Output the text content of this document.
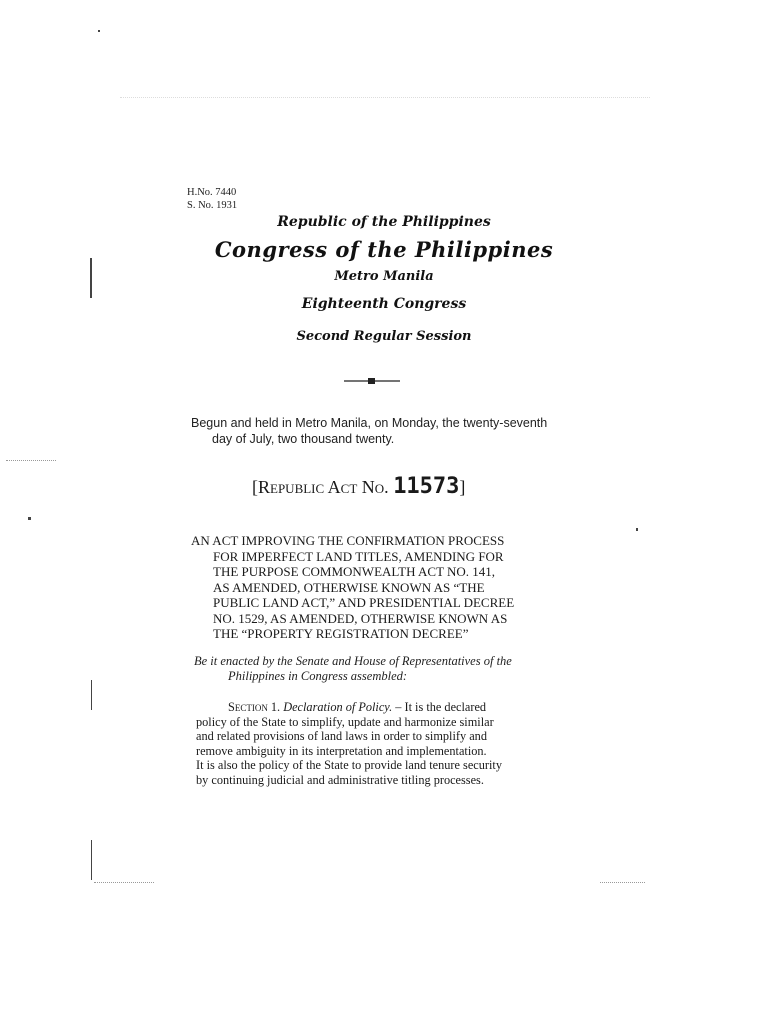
H.No. 7440
S. No. 1931
Republic of the Philippines
Congress of the Philippines
Metro Manila
Eighteenth Congress
Second Regular Session
Begun and held in Metro Manila, on Monday, the twenty-seventh
day of July, two thousand twenty.
[Republic Act No. 11573]
AN ACT IMPROVING THE CONFIRMATION PROCESS
FOR IMPERFECT LAND TITLES, AMENDING FOR
THE PURPOSE COMMONWEALTH ACT NO. 141,
AS AMENDED, OTHERWISE KNOWN AS “THE
PUBLIC LAND ACT,” AND PRESIDENTIAL DECREE
NO. 1529, AS AMENDED, OTHERWISE KNOWN AS
THE “PROPERTY REGISTRATION DECREE”
Be it enacted by the Senate and House of Representatives of the
Philippines in Congress assembled:
Section 1. Declaration of Policy. – It is the declared
policy of the State to simplify, update and harmonize similar
and related provisions of land laws in order to simplify and
remove ambiguity in its interpretation and implementation.
It is also the policy of the State to provide land tenure security
by continuing judicial and administrative titling processes.
